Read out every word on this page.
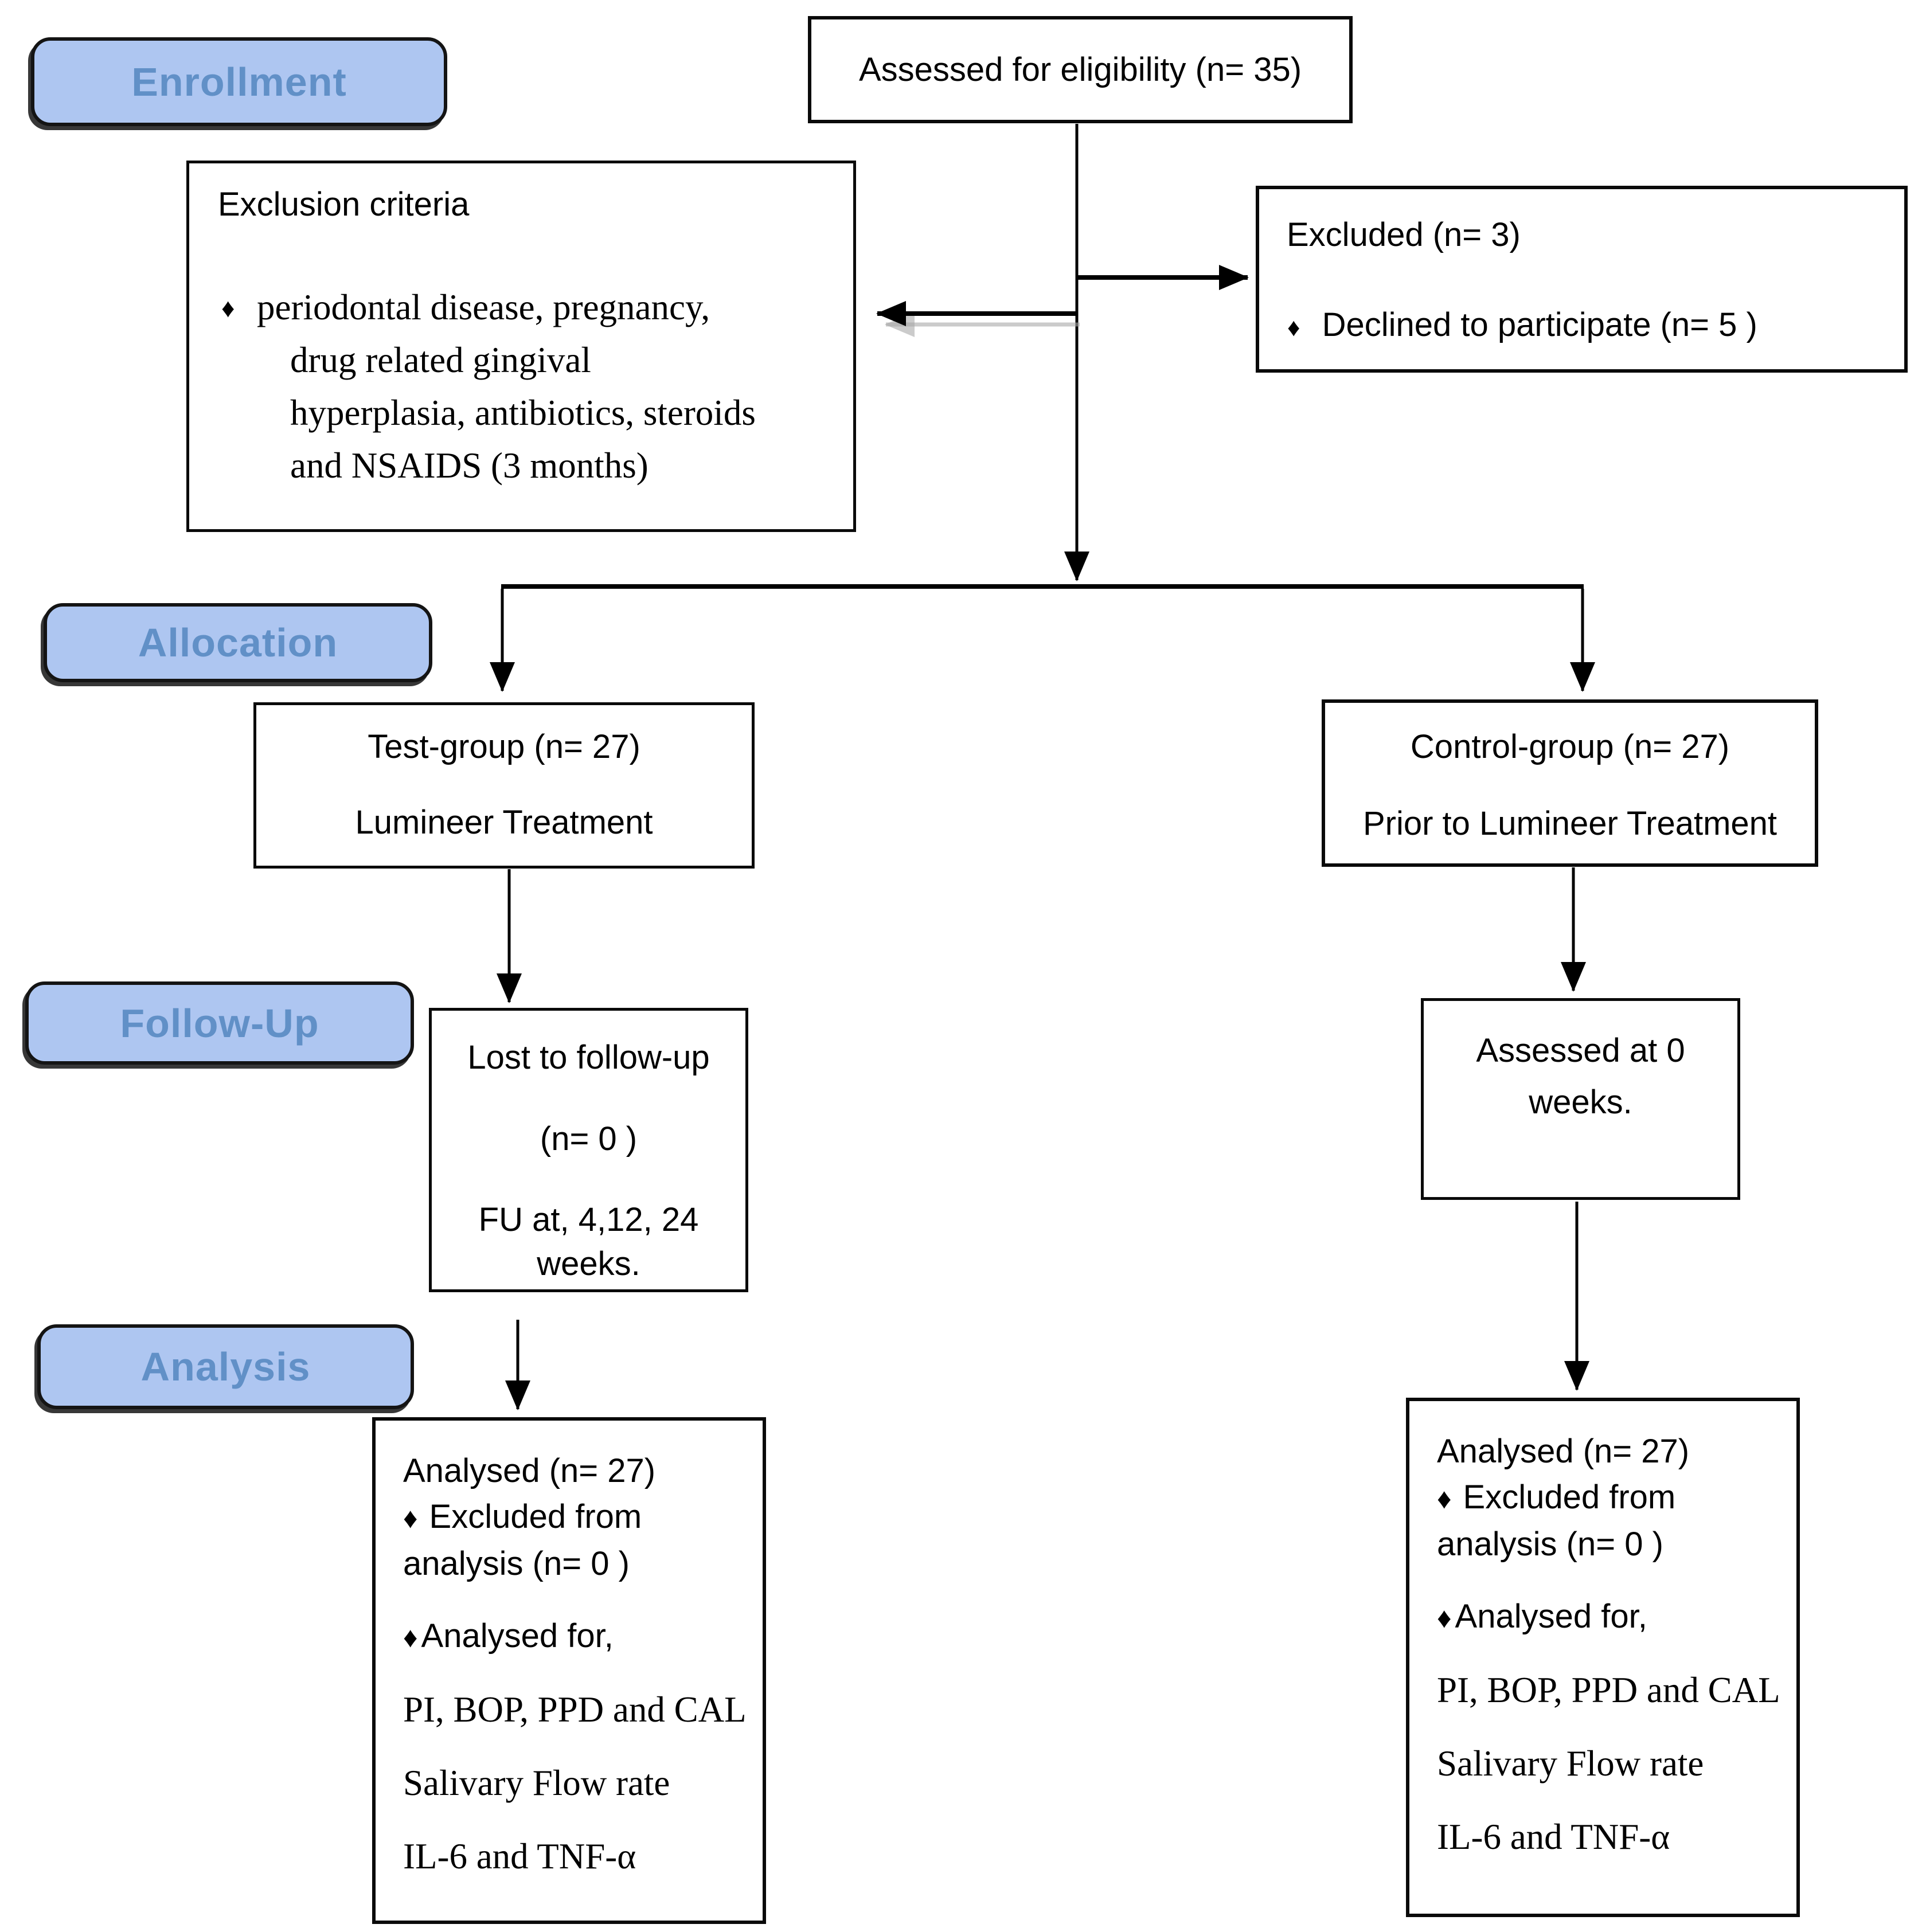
Enrollment
Allocation
Follow-Up
Analysis
Assessed for eligibility (n= 35)
Exclusion criteria
♦ periodontal disease, pregnancy,
drug related gingival
hyperplasia, antibiotics, steroids
and NSAIDS (3 months)
Excluded (n= 3)
♦ Declined to participate (n= 5 )
Test-group (n= 27)
Lumineer Treatment
Control-group (n= 27)
Prior to Lumineer Treatment
Lost to follow-up
(n= 0 )
FU at, 4,12, 24
weeks.
Assessed at 0
weeks.
Analysed (n= 27)
♦ Excluded from
analysis (n= 0 )
♦ Analysed for,
PI, BOP, PPD and CAL
Salivary Flow rate
IL-6 and TNF-α
Analysed (n= 27)
♦ Excluded from
analysis (n= 0 )
♦ Analysed for,
PI, BOP, PPD and CAL
Salivary Flow rate
IL-6 and TNF-α
